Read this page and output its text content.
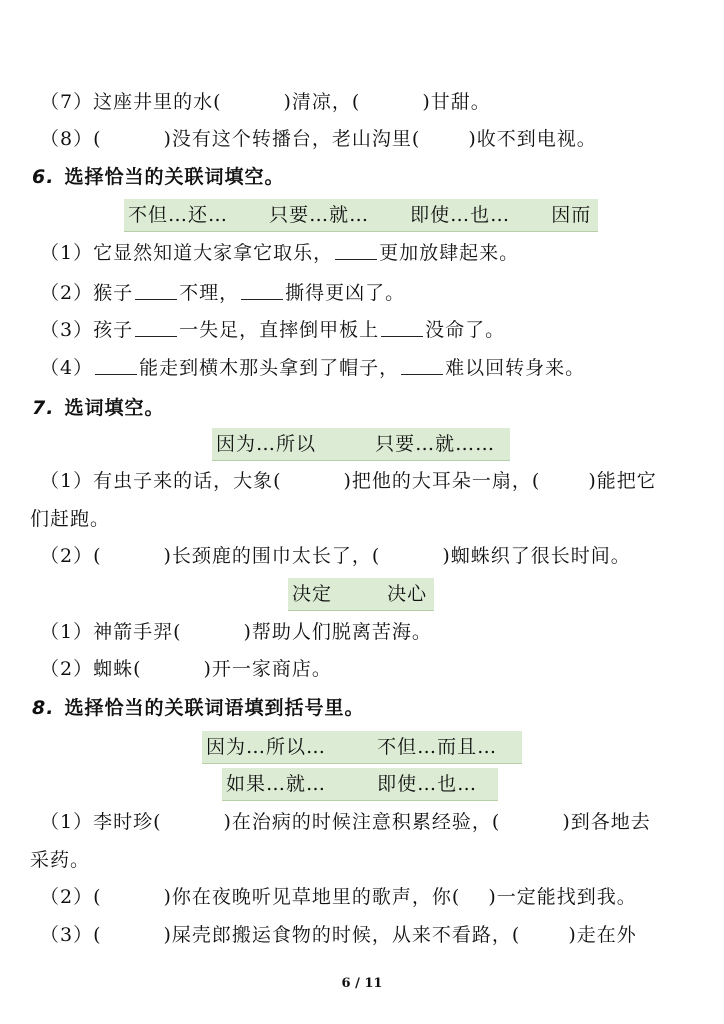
（7）这座井里的水(	)清凉，(	)甘甜。
（8）(	)没有这个转播台，老山沟里(	)收不到电视。
6. 选择恰当的关联词填空。
不但…还… 只要…就… 即使…也… 因而
（1）它显然知道大家拿它取乐， 更加放肆起来。
（2）猴子 不理， 撕得更凶了。
（3）孩子 一失足，直摔倒甲板上 没命了。
（4） 能走到横木那头拿到了帽子， 难以回转身来。
7. 选词填空。
因为…所以	只要…就……
（1）有虫子来的话，大象(	)把他的大耳朵一扇，(	)能把它
们赶跑。
（2）(	)长颈鹿的围巾太长了，(	)蜘蛛织了很长时间。
决定	决心
（1）神箭手羿(	)帮助人们脱离苦海。
（2）蜘蛛(	)开一家商店。
8. 选择恰当的关联词语填到括号里。
因为…所以…	不但…而且…
如果…就…	即使…也…
（1）李时珍(	)在治病的时候注意积累经验，(	)到各地去
采药。
（2）(	)你在夜晚听见草地里的歌声，你( )一定能找到我。
（3）(	)屎壳郎搬运食物的时候，从来不看路，(	)走在外
6 / 11
